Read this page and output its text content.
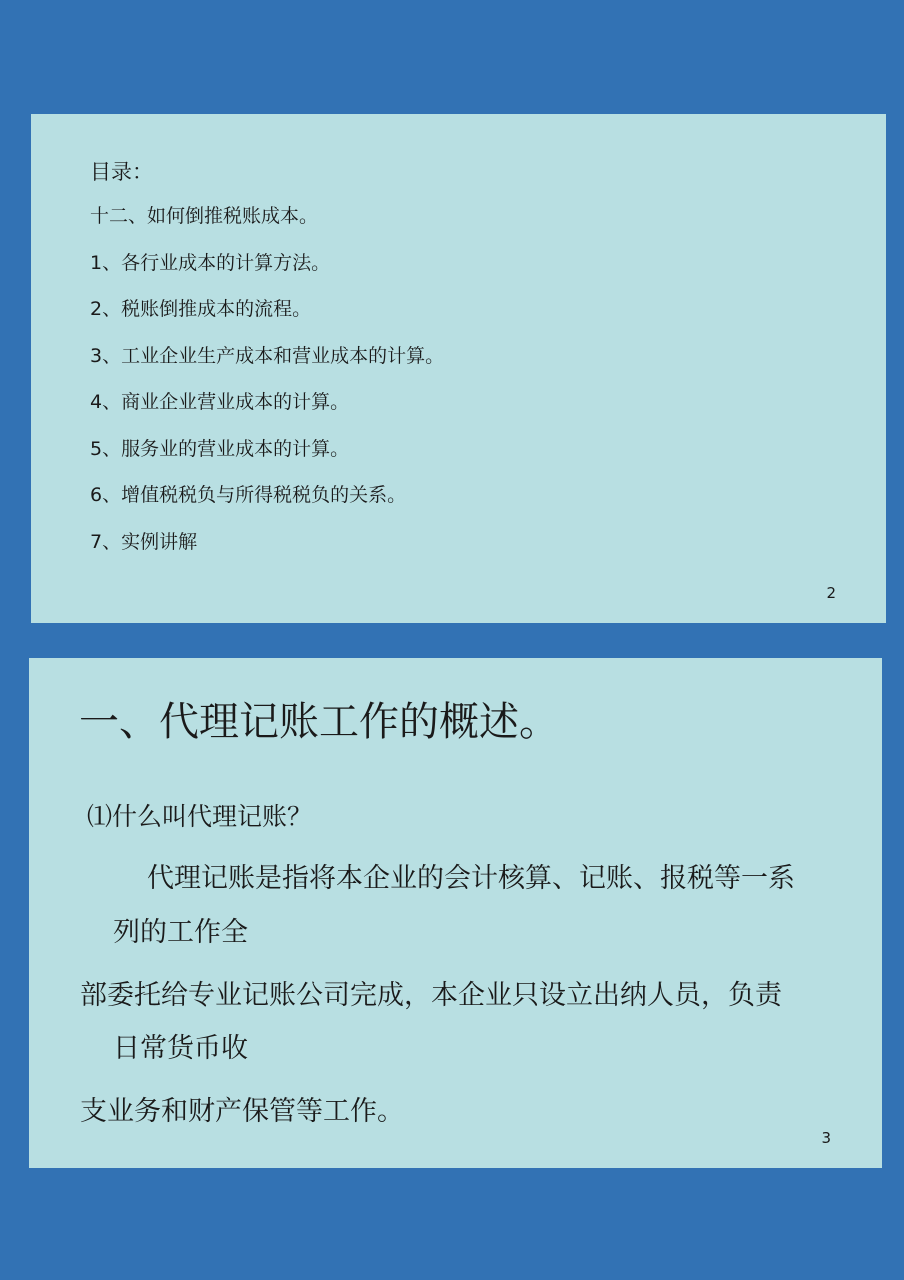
目录：
十二、如何倒推税账成本。
1、各行业成本的计算方法。
2、税账倒推成本的流程。
3、工业企业生产成本和营业成本的计算。
4、商业企业营业成本的计算。
5、服务业的营业成本的计算。
6、增值税税负与所得税税负的关系。
7、实例讲解
2
一、代理记账工作的概述。
⑴什么叫代理记账？
代理记账是指将本企业的会计核算、记账、报税等一系
列的工作全
部委托给专业记账公司完成，本企业只设立出纳人员，负责
日常货币收
支业务和财产保管等工作。
3
